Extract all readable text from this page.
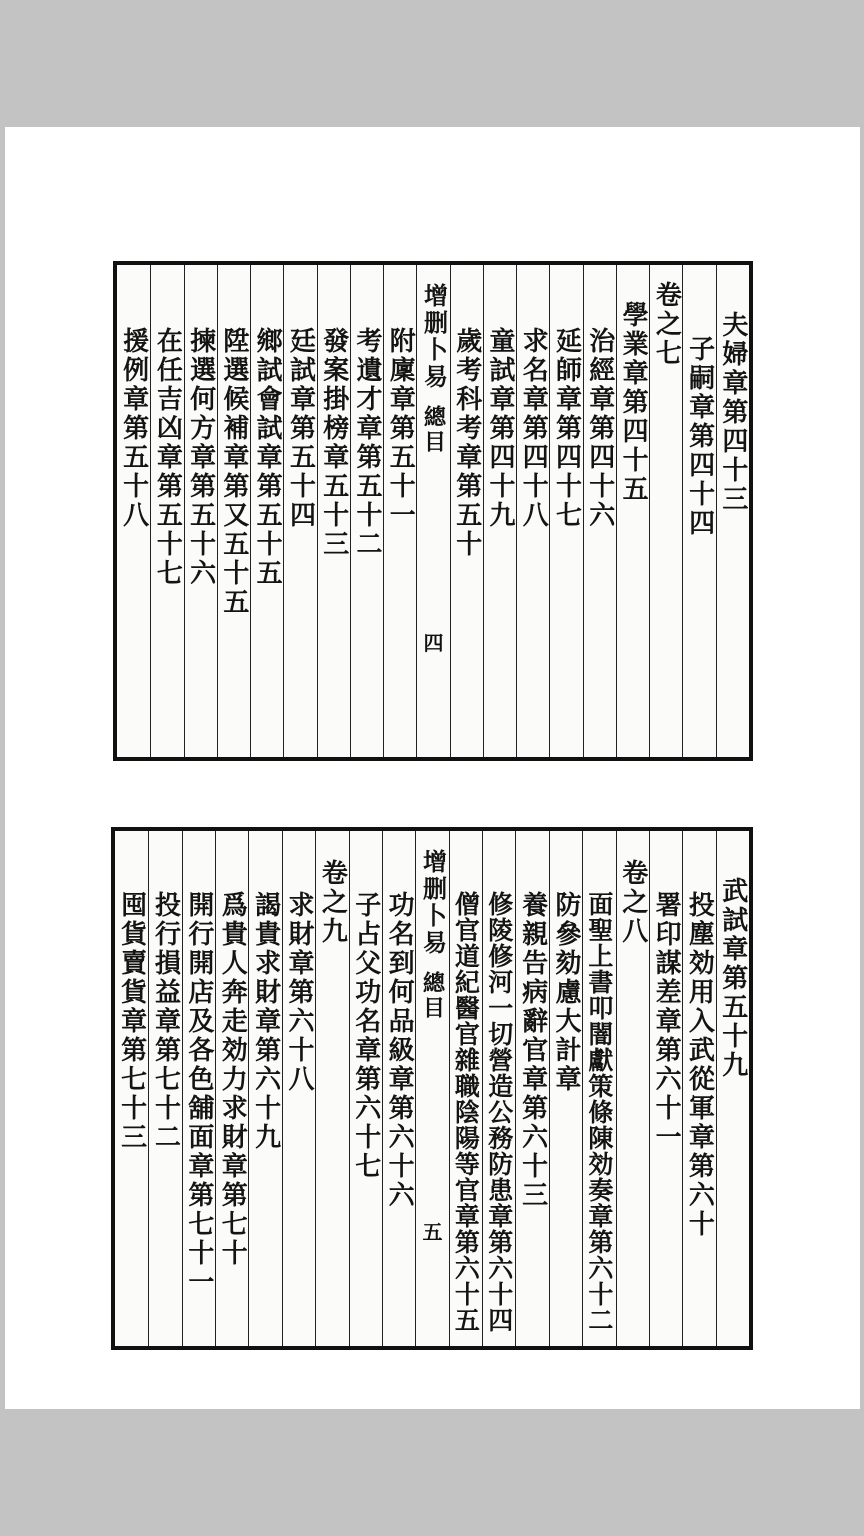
夫婦章第四十三
子嗣章第四十四
卷之七
學業章第四十五
治經章第四十六
延師章第四十七
求名章第四十八
童試章第四十九
歲考科考章第五十
增删卜易
總目
四
附廩章第五十一
考遺才章第五十二
發案掛榜章五十三
廷試章第五十四
鄉試會試章第五十五
陞選候補章第又五十五
揀選何方章第五十六
在任吉凶章第五十七
援例章第五十八
武試章第五十九
投塵効用入武從軍章第六十
署印謀差章第六十一
卷之八
面聖上書叩闇獻策條陳効奏章第六十二
防參劾慮大計章
養親告病辭官章第六十三
修陵修河一切營造公務防患章第六十四
僧官道紀醫官雜職陰陽等官章第六十五
增删卜易
總目
五
功名到何品級章第六十六
子占父功名章第六十七
卷之九
求財章第六十八
謁貴求財章第六十九
爲貴人奔走効力求財章第七十
開行開店及各色舖面章第七十一
投行損益章第七十二
囤貨賣貨章第七十三
